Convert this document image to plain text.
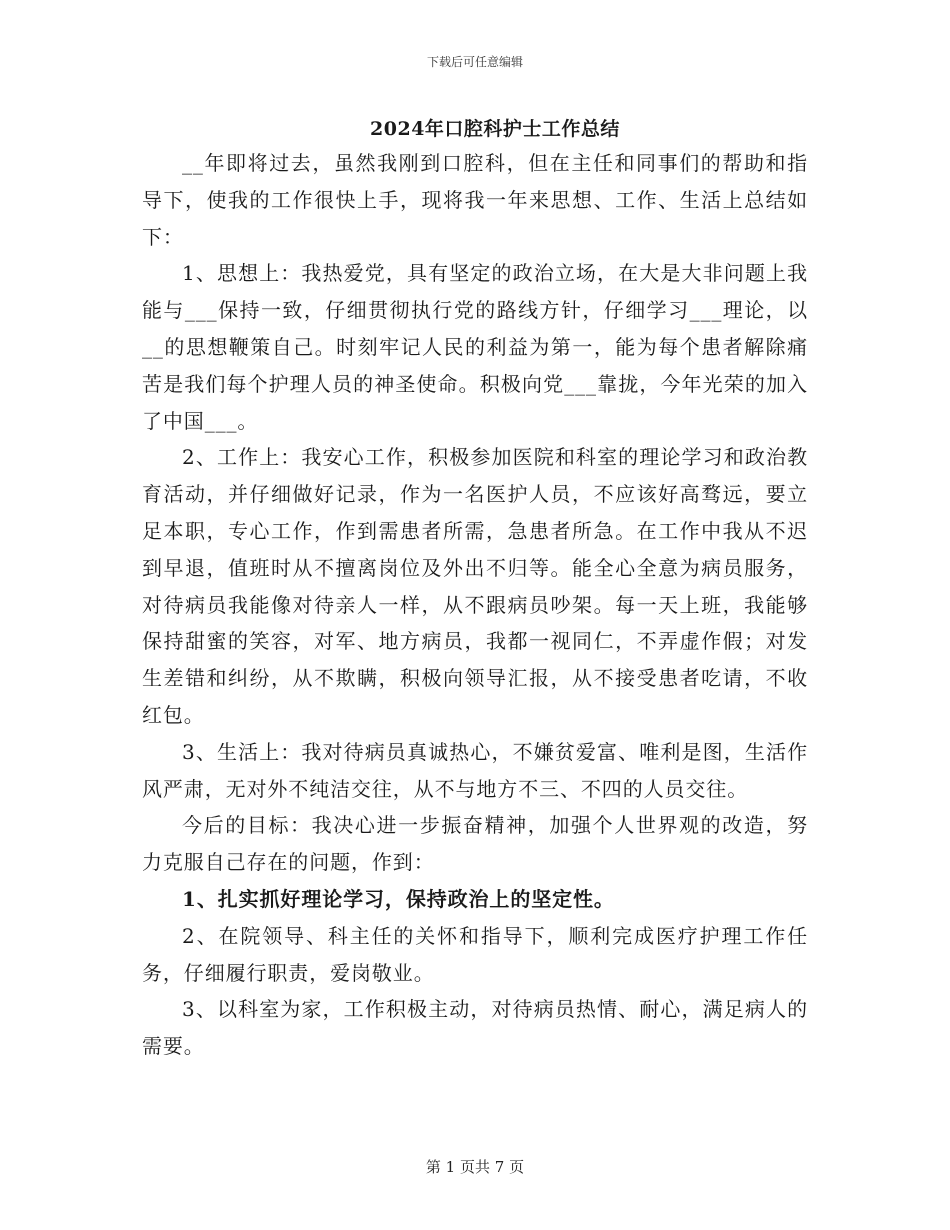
下载后可任意编辑
2024年口腔科护士工作总结

__年即将过去，虽然我刚到口腔科，但在主任和同事们的帮助和指导下，使我的工作很快上手，现将我一年来思想、工作、生活上总结如下：

1、思想上：我热爱党，具有坚定的政治立场，在大是大非问题上我能与___保持一致，仔细贯彻执行党的路线方针，仔细学习___理论，以__的思想鞭策自己。时刻牢记人民的利益为第一，能为每个患者解除痛苦是我们每个护理人员的神圣使命。积极向党___靠拢，今年光荣的加入了中国___。

2、工作上：我安心工作，积极参加医院和科室的理论学习和政治教育活动，并仔细做好记录，作为一名医护人员，不应该好高骛远，要立足本职，专心工作，作到需患者所需，急患者所急。在工作中我从不迟到早退，值班时从不擅离岗位及外出不归等。能全心全意为病员服务，对待病员我能像对待亲人一样，从不跟病员吵架。每一天上班，我能够保持甜蜜的笑容，对军、地方病员，我都一视同仁，不弄虚作假；对发生差错和纠纷，从不欺瞒，积极向领导汇报，从不接受患者吃请，不收红包。

3、生活上：我对待病员真诚热心，不嫌贫爱富、唯利是图，生活作风严肃，无对外不纯洁交往，从不与地方不三、不四的人员交往。

今后的目标：我决心进一步振奋精神，加强个人世界观的改造，努力克服自己存在的问题，作到：

1、扎实抓好理论学习，保持政治上的坚定性。

2、在院领导、科主任的关怀和指导下，顺利完成医疗护理工作任务，仔细履行职责，爱岗敬业。

3、以科室为家，工作积极主动，对待病员热情、耐心，满足病人的需要。

第 1 页共 7 页
